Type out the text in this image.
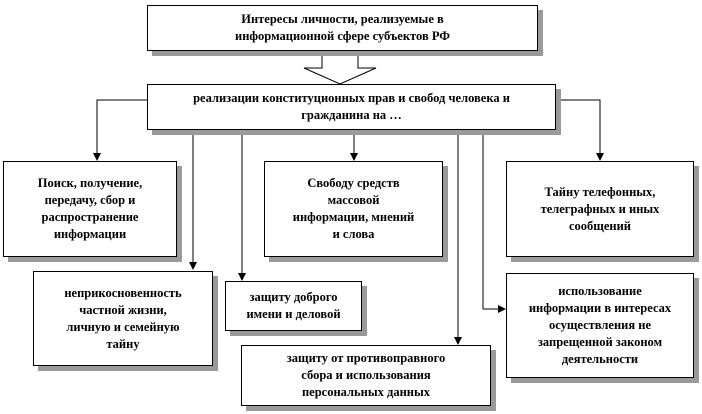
Интересы личности, реализуемые в
информационной сфере субъектов РФ
реализации конституционных прав и свобод человека и
гражданина на …
Поиск, получение,
передачу, сбор и
распространение
информации
Свободу средств
массовой
информации, мнений
и слова
Тайну телефонных,
телеграфных и иных
сообщений
неприкосновенность
частной жизни,
личную и семейную
тайну
защиту доброго
имени и деловой
защиту от противоправного
сбора и использования
персональных данных
использование
информации в интересах
осуществления не
запрещенной законом
деятельности
